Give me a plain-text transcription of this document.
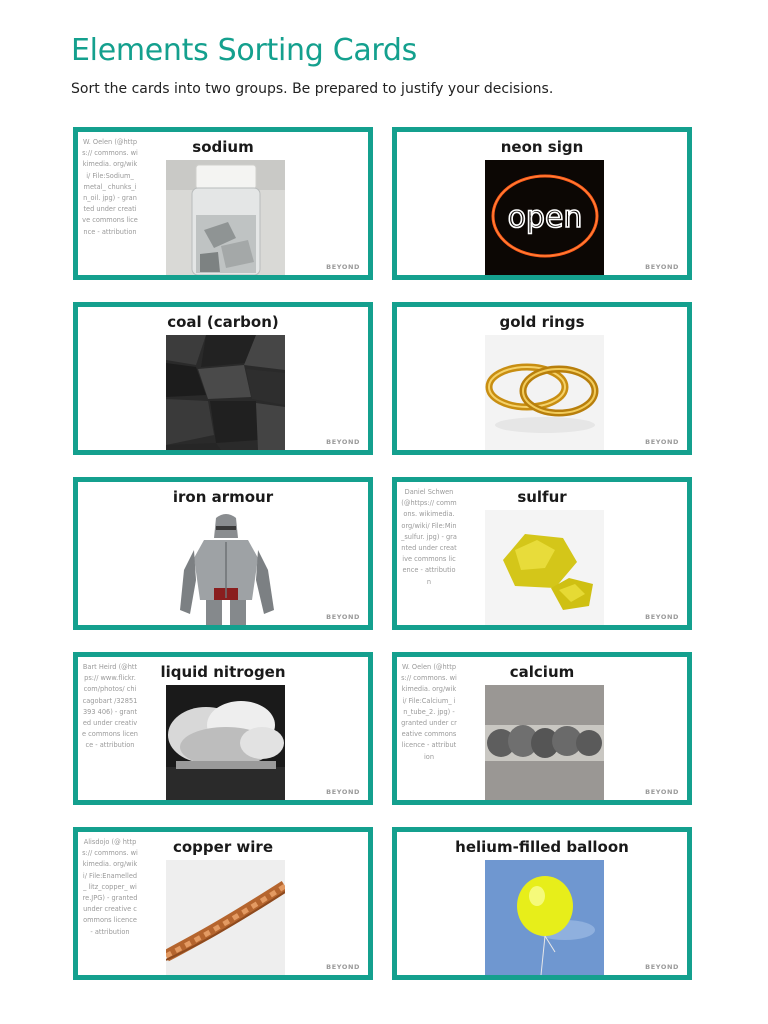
Elements Sorting Cards

Sort the cards into two groups. Be prepared to justify your decisions.

sodium
W. Oelen (@https:// commons. wikimedia. org/wiki/ File:Sodium_ metal_ chunks_in_oil. jpg) - granted under creative commons licence - attribution
BEYOND
neon sign
open
BEYOND
coal (carbon)
BEYOND
gold rings
BEYOND
iron armour
BEYOND
sulfur
Daniel Schwen (@https:// commons. wikimedia. org/wiki/ File:Min_sulfur. jpg) - granted under creative commons licence - attribution
BEYOND
liquid nitrogen
Bart Heird (@https:// www.flickr. com/photos/ chicagobart /32851393 406) - granted under creative commons licence - attribution
BEYOND
calcium
W. Oelen (@https:// commons. wikimedia. org/wiki/ File:Calcium_ in_tube_2. jpg) - granted under creative commons licence - attribution
BEYOND
copper wire
Alisdojo (@ https:// commons. wikimedia. org/wiki/ File:Enamelled_ litz_copper_ wire.JPG) - granted under creative commons licence - attribution
BEYOND
helium-filled balloon
BEYOND
